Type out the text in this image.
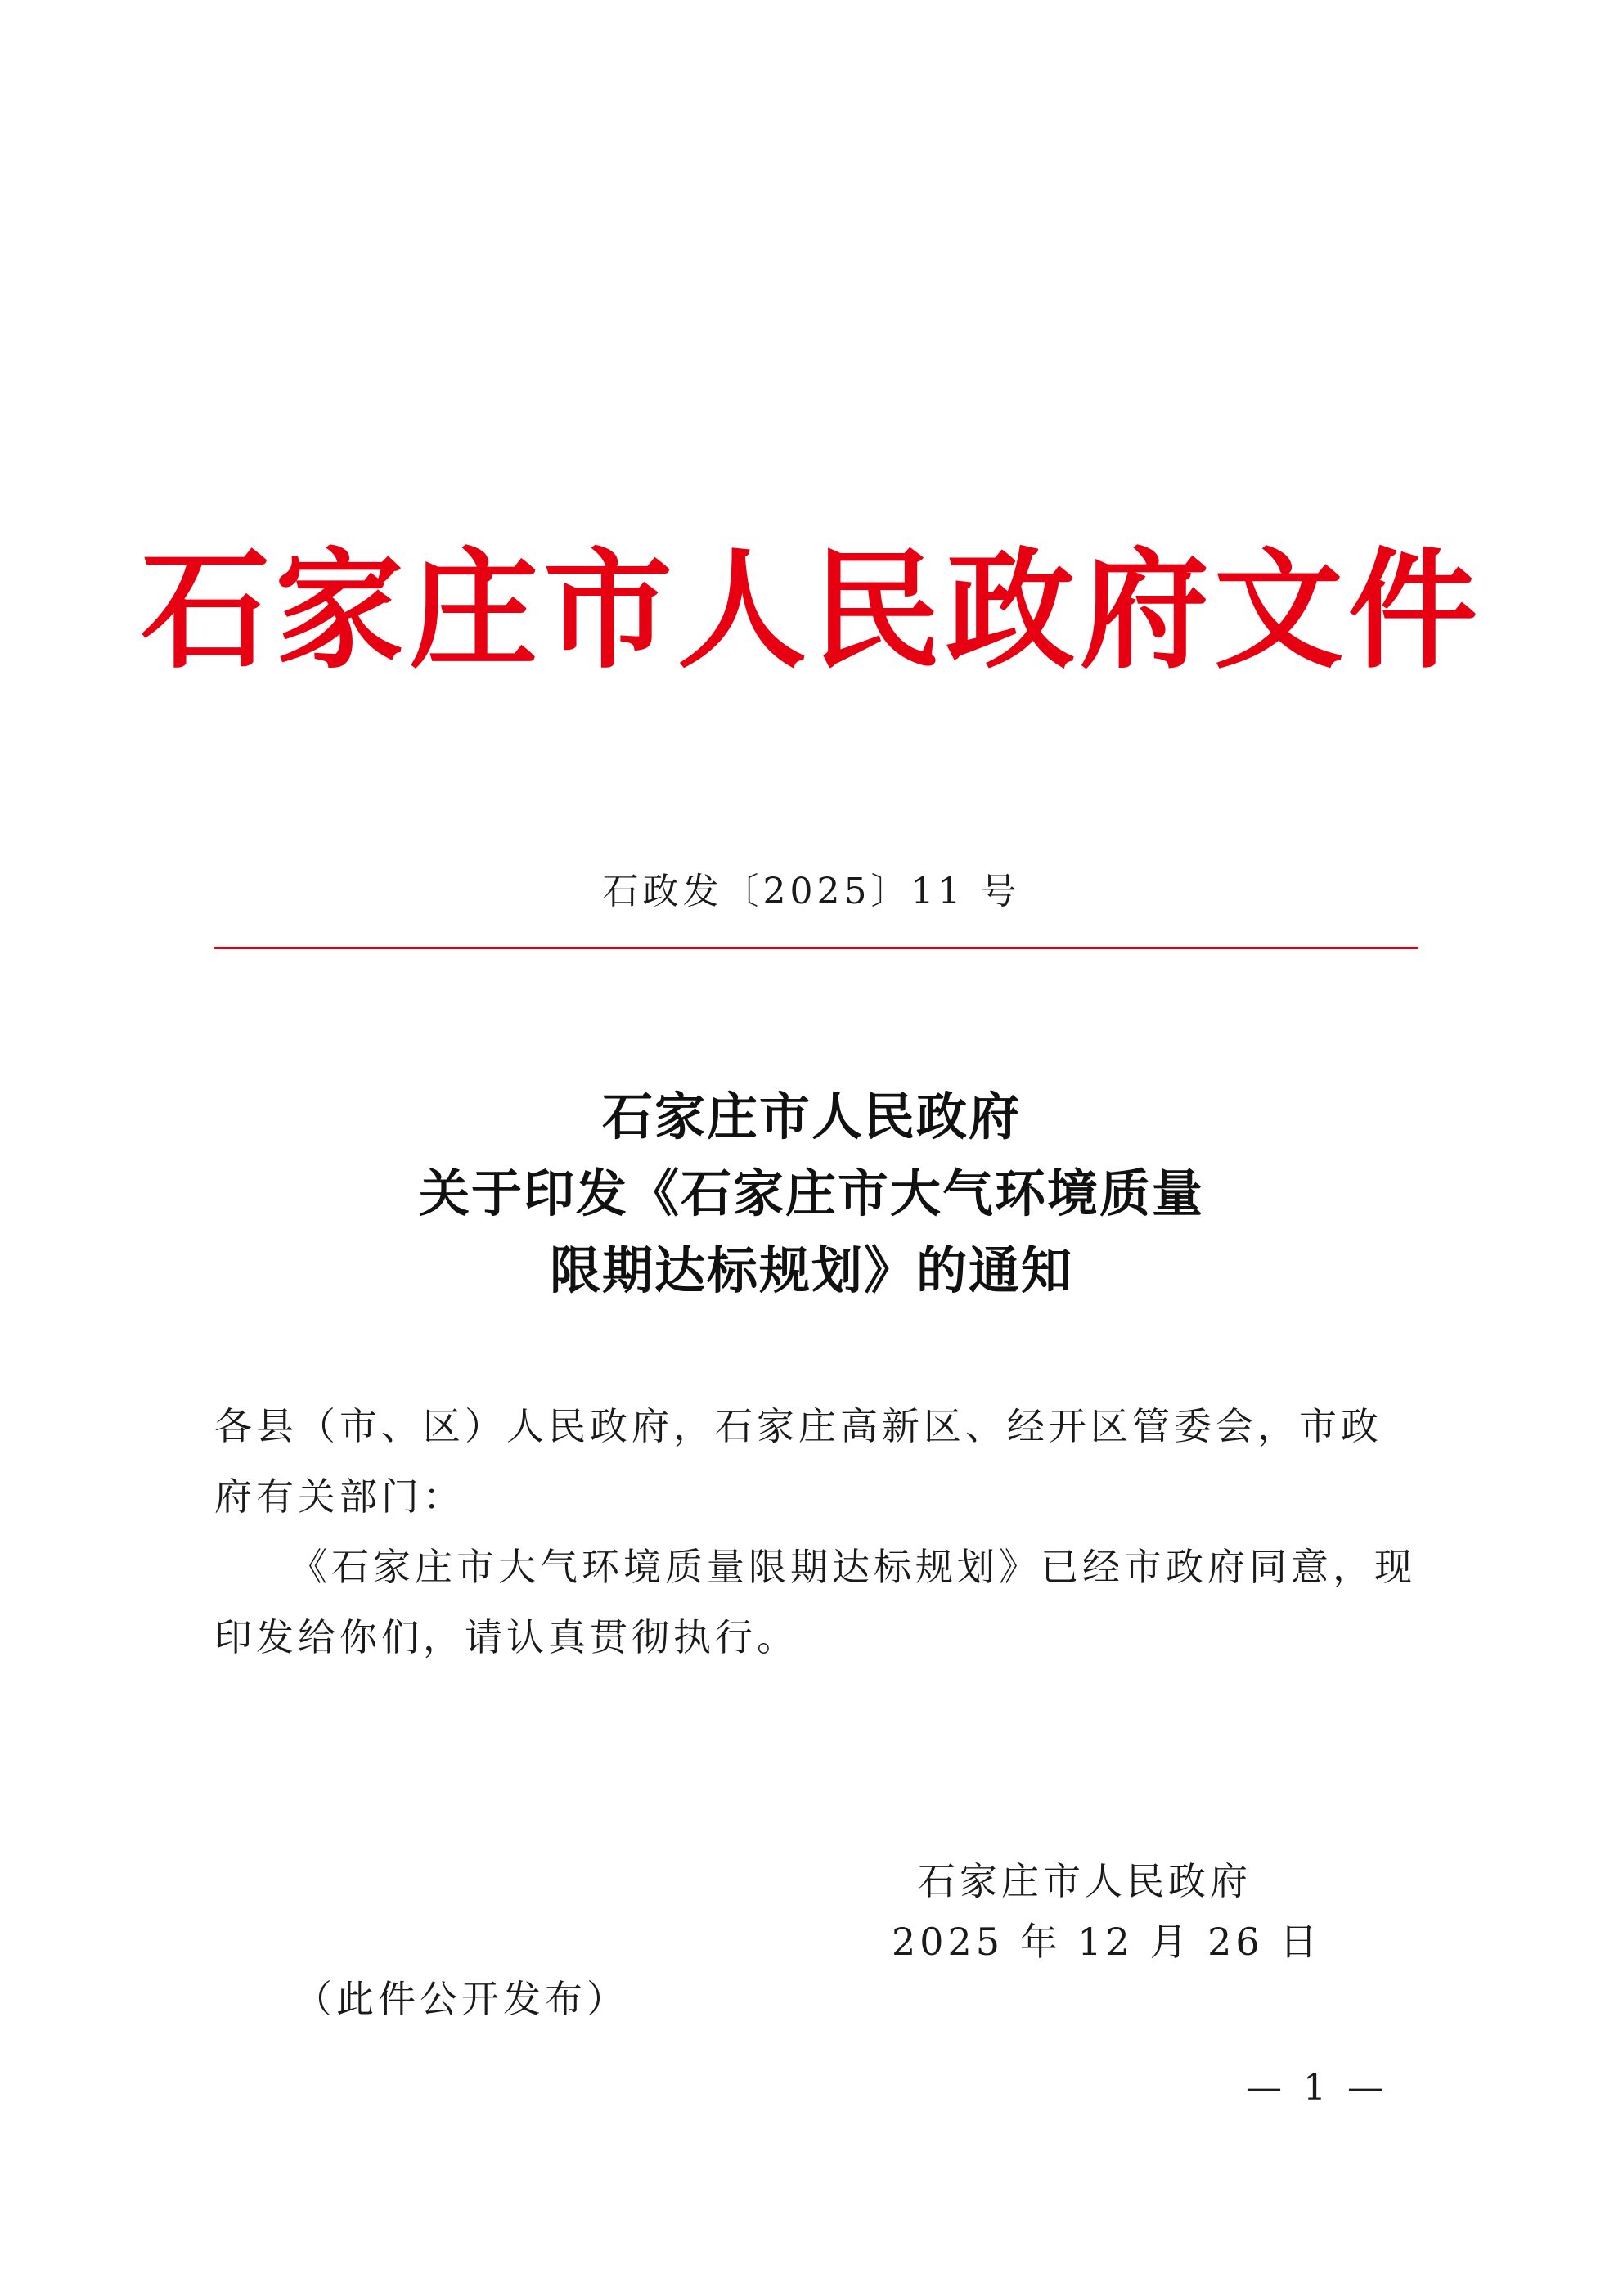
石家庄市人民政府文件
石政发〔2025〕11 号
石家庄市人民政府
关于印发《石家庄市大气环境质量
限期达标规划》的通知

各县（市、区）人民政府，石家庄高新区、经开区管委会，市政府有关部门：

《石家庄市大气环境质量限期达标规划》已经市政府同意，现印发给你们，请认真贯彻执行。

石家庄市人民政府
2025 年 12 月 26 日
（此件公开发布）
— 1 —
